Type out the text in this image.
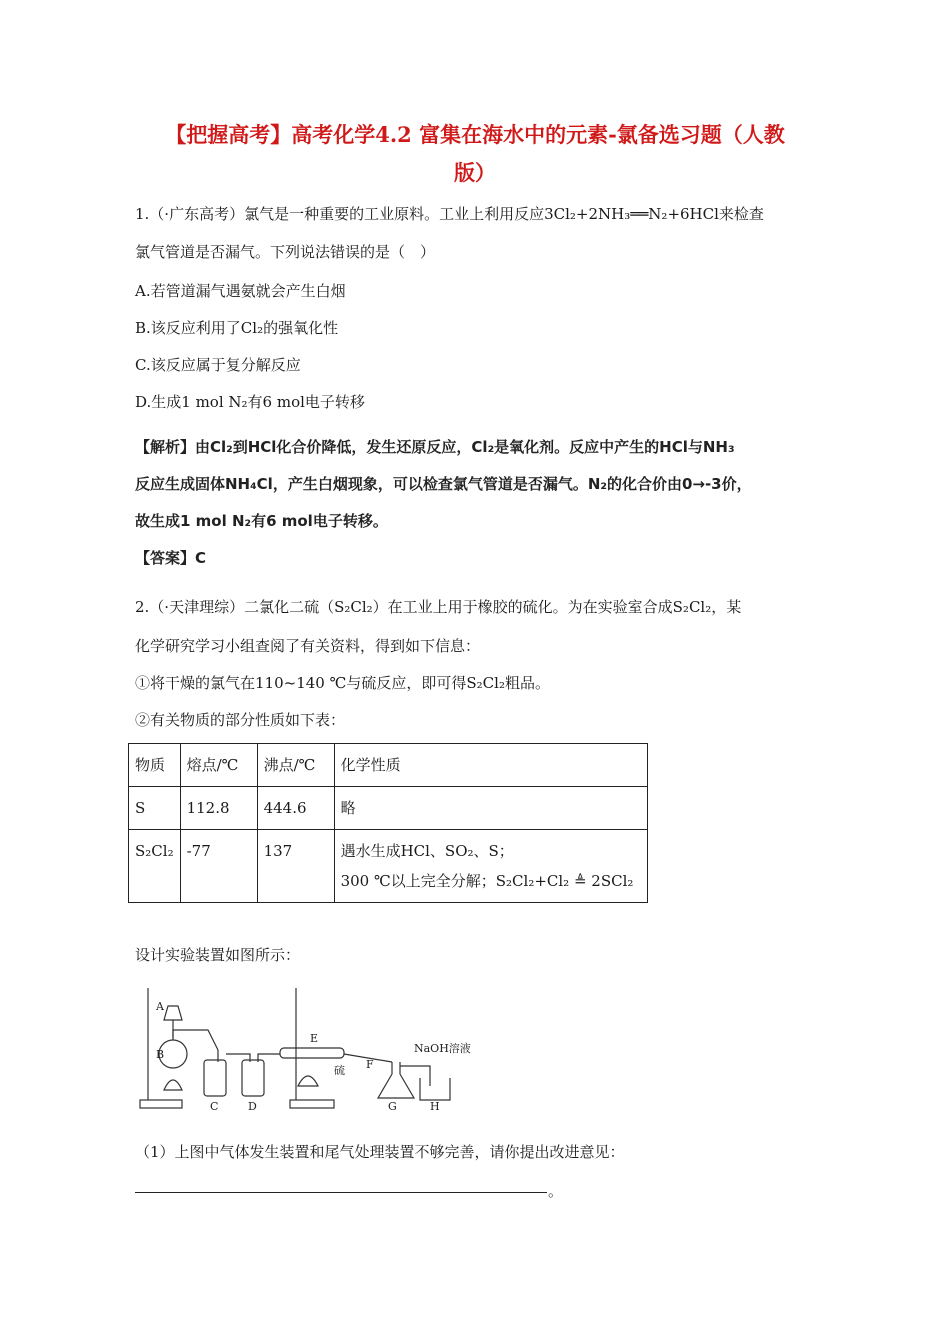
【把握高考】高考化学4.2 富集在海水中的元素-氯备选习题（人教
版）
1.（·广东高考）氯气是一种重要的工业原料。工业上利用反应3Cl₂+2NH₃══N₂+6HCl来检查
氯气管道是否漏气。下列说法错误的是（　）
A.若管道漏气遇氨就会产生白烟
B.该反应利用了Cl₂的强氧化性
C.该反应属于复分解反应
D.生成1 mol N₂有6 mol电子转移
【解析】由Cl₂到HCl化合价降低，发生还原反应，Cl₂是氧化剂。反应中产生的HCl与NH₃
反应生成固体NH₄Cl，产生白烟现象，可以检查氯气管道是否漏气。N₂的化合价由0→-3价，
故生成1 mol N₂有6 mol电子转移。
【答案】C
2.（·天津理综）二氯化二硫（S₂Cl₂）在工业上用于橡胶的硫化。为在实验室合成S₂Cl₂，某
化学研究学习小组查阅了有关资料，得到如下信息：
①将干燥的氯气在110~140 ℃与硫反应，即可得S₂Cl₂粗品。
②有关物质的部分性质如下表：
物质	熔点/℃	沸点/℃	化学性质
S	112.8	444.6	略
S₂Cl₂	-77	137	遇水生成HCl、SO₂、S；
300 ℃以上完全分解；S₂Cl₂+Cl₂ ≜ 2SCl₂
设计实验装置如图所示：
A
B
C	D
E
F
G	H
硫
NaOH溶液
（1）上图中气体发生装置和尾气处理装置不够完善，请你提出改进意见：
。
